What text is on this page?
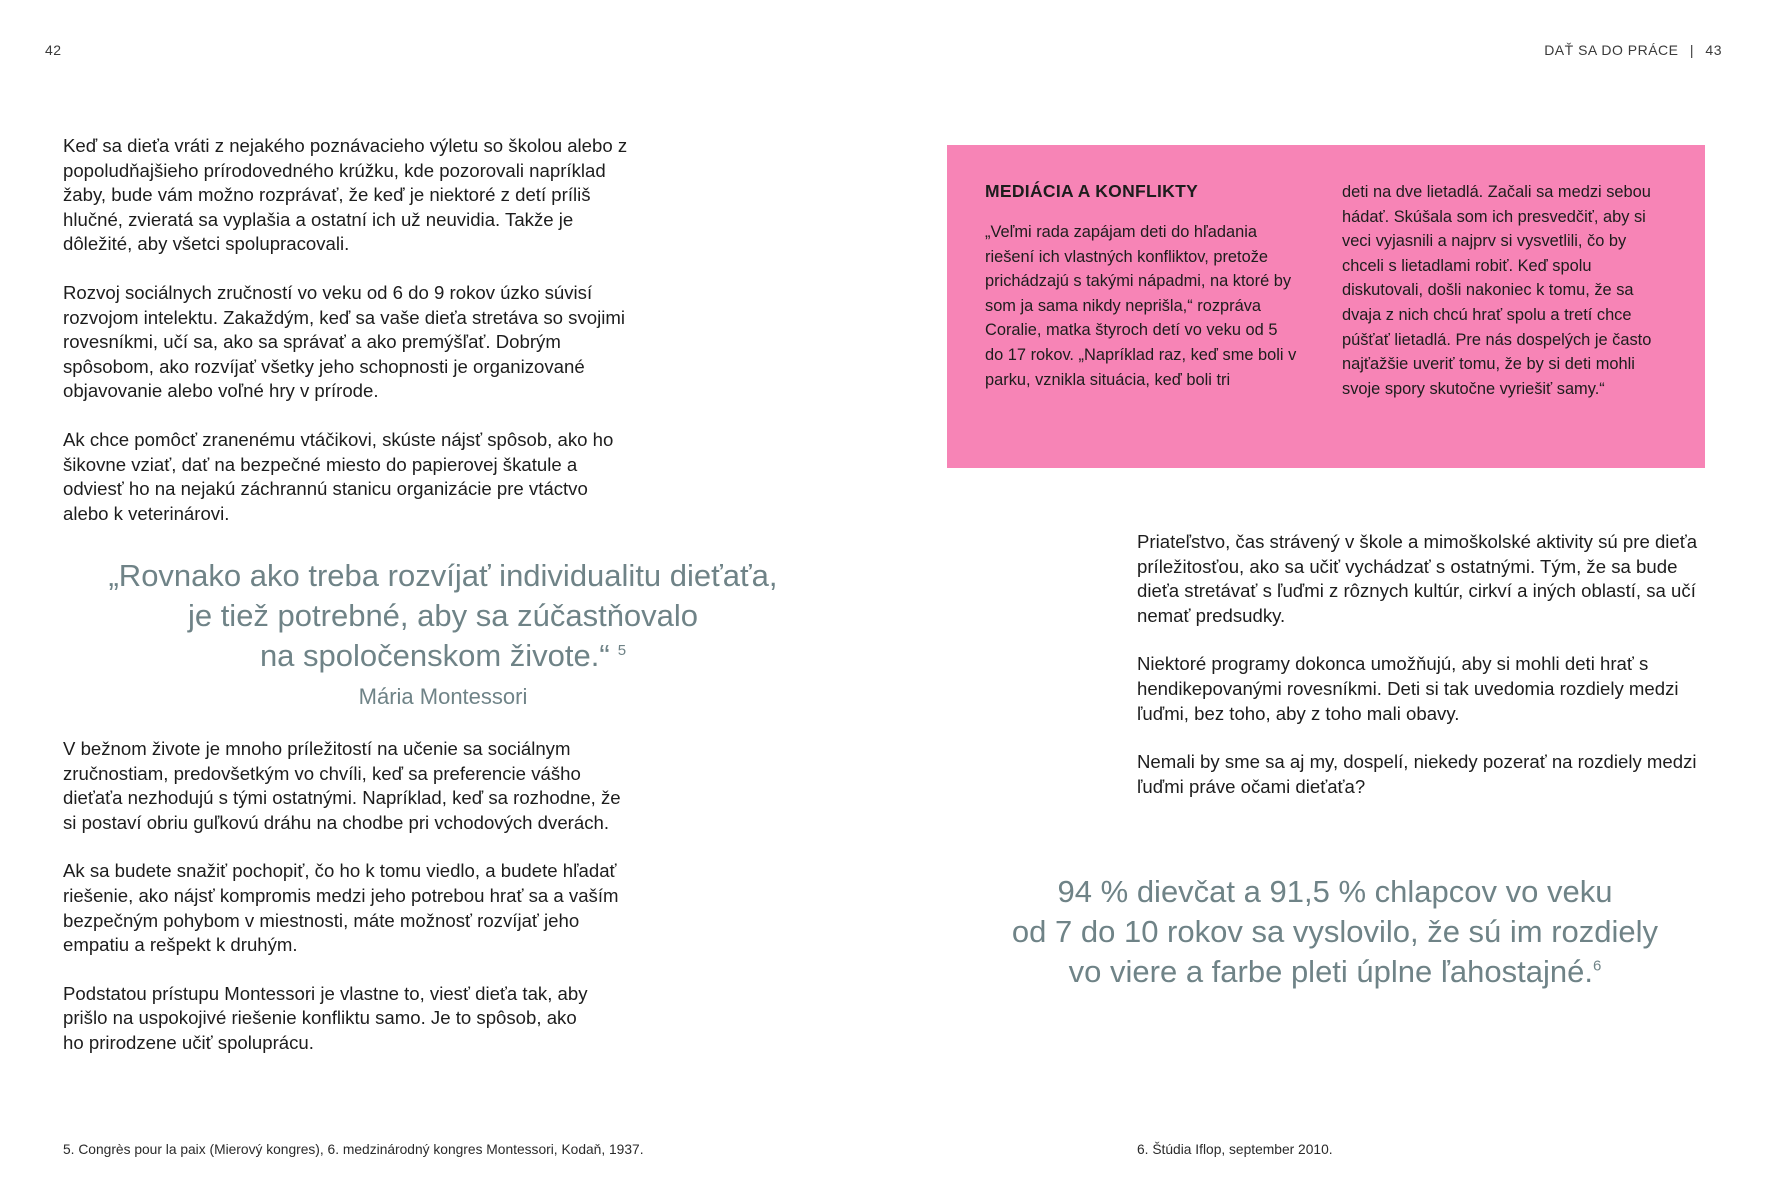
42	DAŤ SA DO PRÁCE | 43

Keď sa dieťa vráti z nejakého poznávacieho výletu so školou alebo z popoludňajšieho prírodovedného krúžku, kde pozorovali napríklad žaby, bude vám možno rozprávať, že keď je niektoré z detí príliš hlučné, zvieratá sa vyplašia a ostatní ich už neuvidia. Takže je dôležité, aby všetci spolupracovali.

Rozvoj sociálnych zručností vo veku od 6 do 9 rokov úzko súvisí rozvojom intelektu. Zakaždým, keď sa vaše dieťa stretáva so svojimi rovesníkmi, učí sa, ako sa správať a ako premýšľať. Dobrým spôsobom, ako rozvíjať všetky jeho schopnosti je organizované objavovanie alebo voľné hry v prírode.

Ak chce pomôcť zranenému vtáčikovi, skúste nájsť spôsob, ako ho šikovne vziať, dať na bezpečné miesto do papierovej škatule a odviesť ho na nejakú záchrannú stanicu organizácie pre vtáctvo alebo k veterinárovi.

„Rovnako ako treba rozvíjať individualitu dieťaťa,
je tiež potrebné, aby sa zúčastňovalo
na spoločenskom živote.“ $^5$
Mária Montessori

V bežnom živote je mnoho príležitostí na učenie sa sociálnym zručnostiam, predovšetkým vo chvíli, keď sa preferencie vášho dieťaťa nezhodujú s tými ostatnými. Napríklad, keď sa rozhodne, že si postaví obriu guľkovú dráhu na chodbe pri vchodových dverách.

Ak sa budete snažiť pochopiť, čo ho k tomu viedlo, a budete hľadať riešenie, ako nájsť kompromis medzi jeho potrebou hrať sa a vaším bezpečným pohybom v miestnosti, máte možnosť rozvíjať jeho empatiu a rešpekt k druhým.

Podstatou prístupu Montessori je vlastne to, viesť dieťa tak, aby prišlo na uspokojivé riešenie konfliktu samo. Je to spôsob, ako ho prirodzene učiť spoluprácu.

5. Congrès pour la paix (Mierový kongres), 6. medzinárodný kongres Montessori, Kodaň, 1937.
MEDIÁCIA A KONFLIKTY

„Veľmi rada zapájam deti do hľadania riešení ich vlastných konfliktov, pretože prichádzajú s takými nápadmi, na ktoré by som ja sama nikdy neprišla,“ rozpráva Coralie, matka štyroch detí vo veku od 5 do 17 rokov. „Napríklad raz, keď sme boli v parku, vznikla situácia, keď boli tri

deti na dve lietadlá. Začali sa medzi sebou hádať. Skúšala som ich presvedčiť, aby si veci vyjasnili a najprv si vysvetlili, čo by chceli s lietadlami robiť. Keď spolu diskutovali, došli nakoniec k tomu, že sa dvaja z nich chcú hrať spolu a tretí chce púšťať lietadlá. Pre nás dospelých je často najťažšie uveriť tomu, že by si deti mohli svoje spory skutočne vyriešiť samy.“

Priateľstvo, čas strávený v škole a mimoškolské aktivity sú pre dieťa príležitosťou, ako sa učiť vychádzať s ostatnými. Tým, že sa bude dieťa stretávať s ľuďmi z rôznych kultúr, cirkví a iných oblastí, sa učí nemať predsudky.

Niektoré programy dokonca umožňujú, aby si mohli deti hrať s hendikepovanými rovesníkmi. Deti si tak uvedomia rozdiely medzi ľuďmi, bez toho, aby z toho mali obavy.

Nemali by sme sa aj my, dospelí, niekedy pozerať na rozdiely medzi ľuďmi práve očami dieťaťa?

94 % dievčat a 91,5 % chlapcov vo veku
od 7 do 10 rokov sa vyslovilo, že sú im rozdiely
vo viere a farbe pleti úplne ľahostajné.$^6$
6. Štúdia Iflop, september 2010.
